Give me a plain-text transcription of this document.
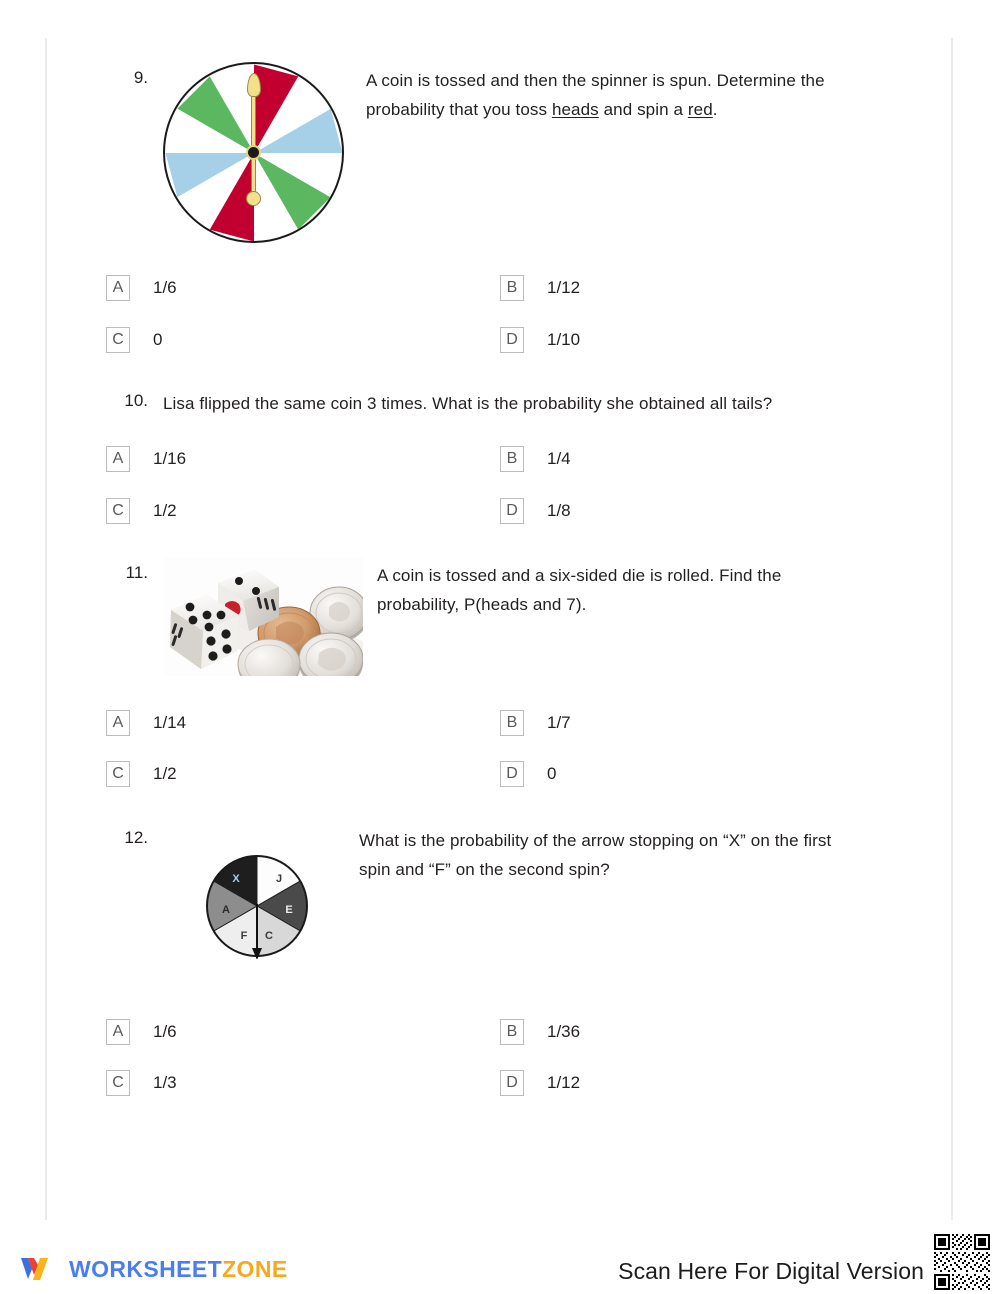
9.	A coin is tossed and then the spinner is spun. Determine the
probability that you toss heads and spin a red.
A	1/6	B	1/12
C	0	D	1/10
10. Lisa flipped the same coin 3 times. What is the probability she obtained all tails?
A	1/16	B	1/4
C	1/2	D	1/8
11.	A coin is tossed and a six-sided die is rolled. Find the
probability, P(heads and 7).
A	1/14	B	1/7
C	1/2	D	0
12.
J
E
C
F
A
X
What is the probability of the arrow stopping on “X” on the first
spin and “F” on the second spin?
A	1/6	B	1/36
C	1/3	D	1/12
WORKSHEETZONE	Scan Here For Digital Version
